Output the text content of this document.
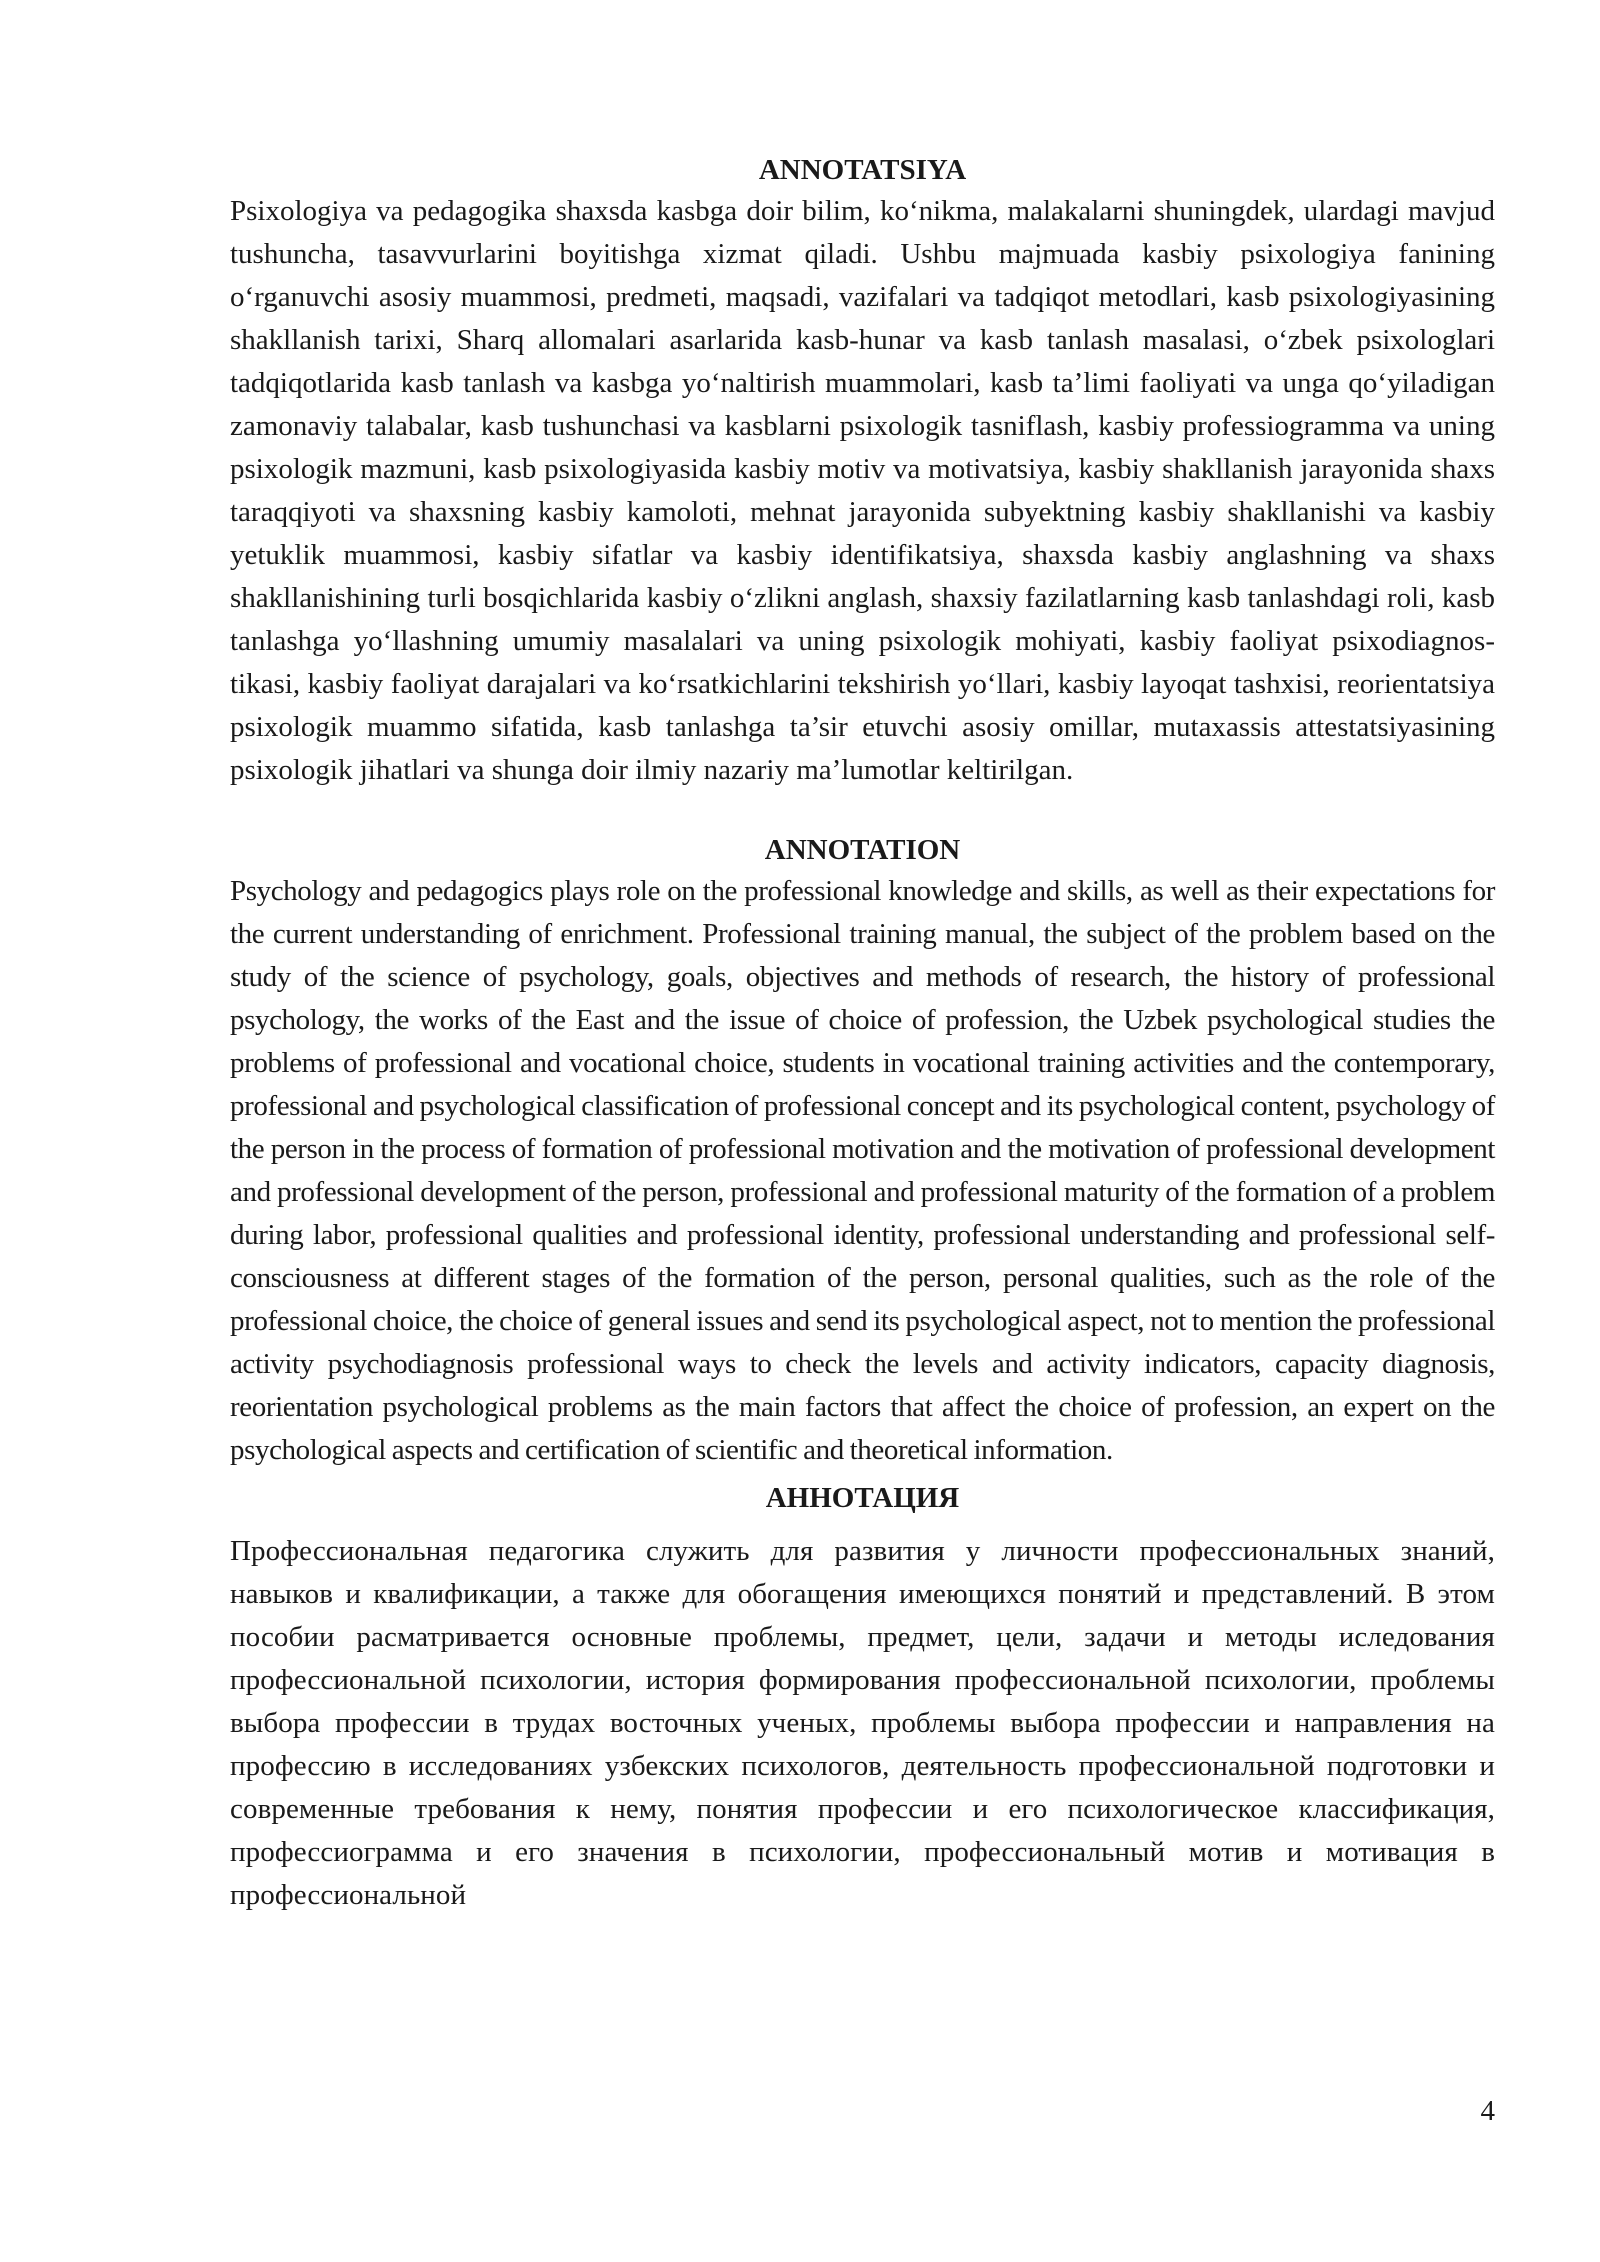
ANNOTATSIYA

Psixologiya va pedagogika shaxsda kasbga doir bilim, ko‘nikma, malakalarni shuningdek, ulardagi mavjud tushuncha, tasavvurlarini boyitishga xizmat qiladi. Ushbu majmuada kasbiy psixologiya fanining o‘rganuvchi asosiy muammosi, predmeti, maqsadi, vazifalari va tadqiqot metodlari, kasb psixologiyasining shakllanish tarixi, Sharq allomalari asarlarida kasb-hunar va kasb tanlash masalasi, o‘zbek psixologlari tadqiqotlarida kasb tanlash va kasbga yo‘naltirish muammolari, kasb ta’limi faoliyati va unga qo‘yiladigan zamonaviy talabalar, kasb tushunchasi va kasblarni psixologik tasniflash, kasbiy professiogramma va uning psixologik mazmuni, kasb psixologiyasida kasbiy motiv va motivatsiya, kasbiy shakllanish jarayonida shaxs taraqqiyoti va shaxsning kasbiy kamoloti, mehnat jarayonida subyektning kasbiy shakllanishi va kasbiy yetuklik muammosi, kasbiy sifatlar va kasbiy identifikatsiya, shaxsda kasbiy anglashning va shaxs shakllanishining turli bosqichlarida kasbiy o‘zlikni anglash, shaxsiy fazilatlarning kasb tanlashdagi roli, kasb tanlashga yo‘llashning umumiy masalalari va uning psixologik mohiyati, kasbiy faoliyat psixodiagnos-tikasi, kasbiy faoliyat darajalari va ko‘rsatkichlarini tekshirish yo‘llari, kasbiy layoqat tashxisi, reorientatsiya psixologik muammo sifatida, kasb tanlashga ta’sir etuvchi asosiy omillar, mutaxassis attestatsiyasining psixologik jihatlari va shunga doir ilmiy nazariy ma’lumotlar keltirilgan.

ANNOTATION

Psychology and pedagogics plays role on the professional knowledge and skills, as well as their expectations for the current understanding of enrichment. Professional training manual, the subject of the problem based on the study of the science of psychology, goals, objectives and methods of research, the history of professional psychology, the works of the East and the issue of choice of profession, the Uzbek psychological studies the problems of professional and vocational choice, students in vocational training activities and the contemporary, professional and psychological classification of professional concept and its psychological content, psychology of the person in the process of formation of professional motivation and the motivation of professional development and professional development of the person, professional and professional maturity of the formation of a problem during labor, professional qualities and professional identity, professional understanding and professional self-consciousness at different stages of the formation of the person, personal qualities, such as the role of the professional choice, the choice of general issues and send its psychological aspect, not to mention the professional activity psychodiagnosis professional ways to check the levels and activity indicators, capacity diagnosis, reorientation psychological problems as the main factors that affect the choice of profession, an expert on the psychological aspects and certification of scientific and theoretical information.

АННОТАЦИЯ

Профессиональная педагогика служить для развития у личности профессиональных знаний, навыков и квалификации, а также для обогащения имеющихся понятий и представлений. В этом пособии расматривается основные проблемы, предмет, цели, задачи и методы иследования профессиональной психологии, история формирования профессиональной психологии, проблемы выбора профессии в трудах восточных ученых, проблемы выбора профессии и направления на профессию в исследованиях узбекских психологов, деятельность профессиональной подготовки и современные требования к нему, понятия профессии и его психологическое классификация, профессиограмма и его значения в психологии, профессиональный мотив и мотивация в профессиональной

4
